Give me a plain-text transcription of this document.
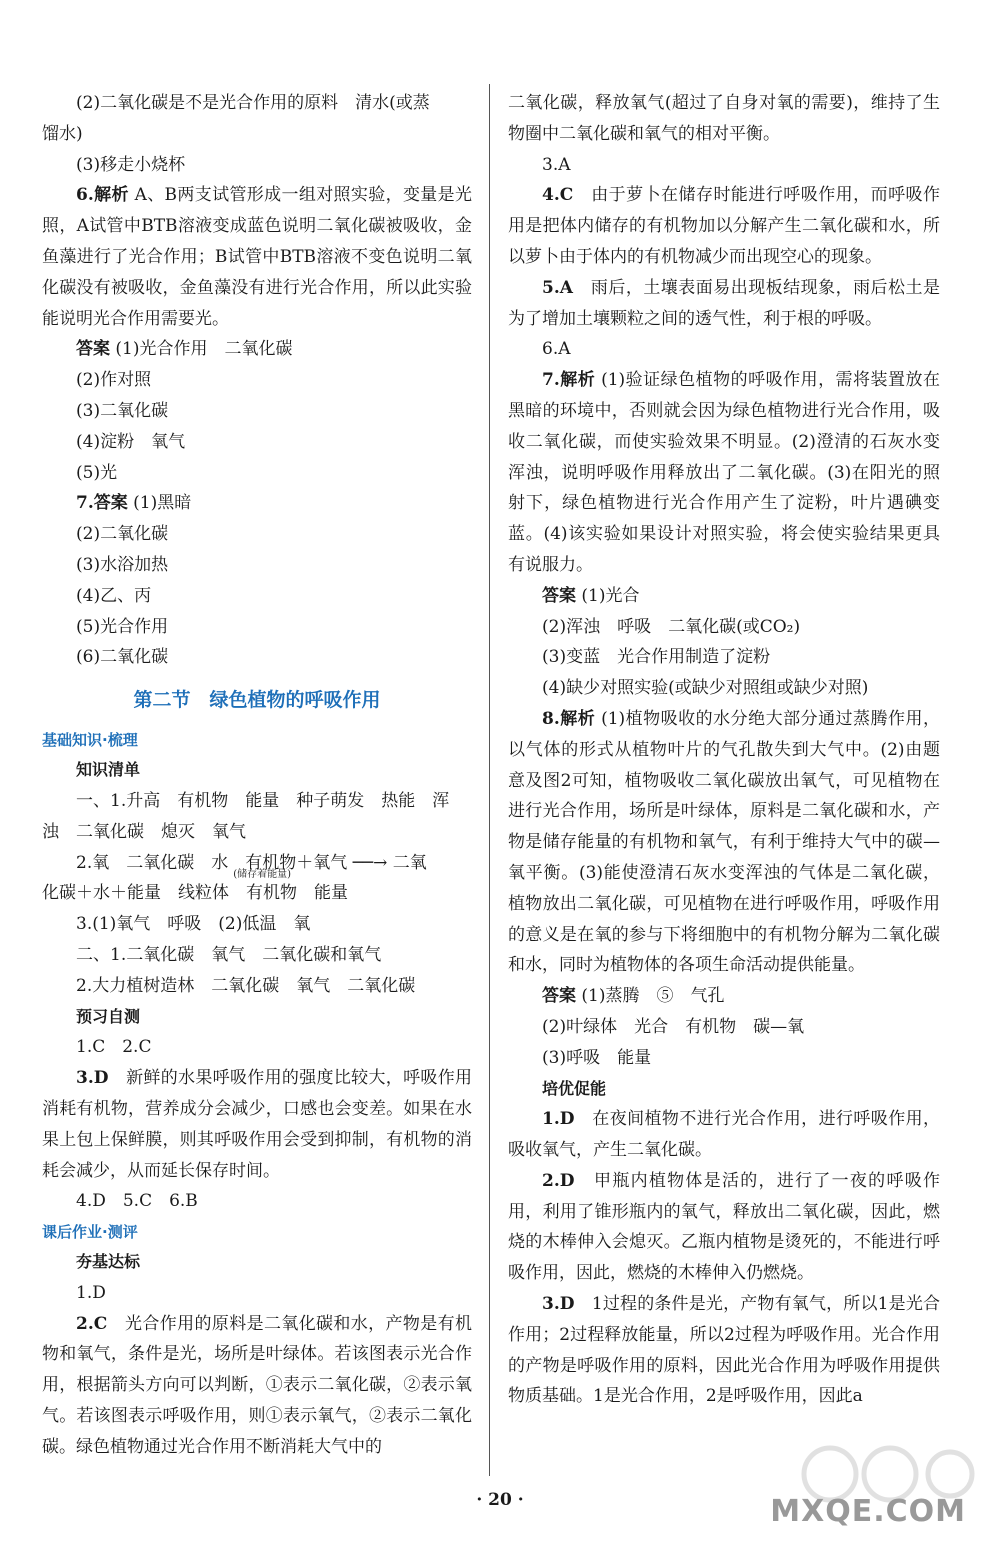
(2)二氧化碳是不是光合作用的原料　清水(或蒸
馏水)
(3)移走小烧杯

6.解析 A、B两支试管形成一组对照实验，变量是光照，A试管中BTB溶液变成蓝色说明二氧化碳被吸收，金鱼藻进行了光合作用；B试管中BTB溶液不变色说明二氧化碳没有被吸收，金鱼藻没有进行光合作用，所以此实验能说明光合作用需要光。

答案 (1)光合作用　二氧化碳
(2)作对照
(3)二氧化碳
(4)淀粉　氧气
(5)光
7.答案 (1)黑暗
(2)二氧化碳
(3)水浴加热
(4)乙、丙
(5)光合作用
(6)二氧化碳
第二节　绿色植物的呼吸作用
基础知识·梳理
知识清单
一、1.升高　有机物　能量　种子萌发　热能　浑
浊　二氧化碳　熄灭　氧气
2.氧　二氧化碳　水　有机物
(储存着能量)
＋氧气 ──→ 二氧
化碳＋水＋能量　线粒体　有机物　能量
3.(1)氧气　呼吸　(2)低温　氧
二、1.二氧化碳　氧气　二氧化碳和氧气
2.大力植树造林　二氧化碳　氧气　二氧化碳
预习自测
1.C　2.C

3.D　新鲜的水果呼吸作用的强度比较大，呼吸作用消耗有机物，营养成分会减少，口感也会变差。如果在水果上包上保鲜膜，则其呼吸作用会受到抑制，有机物的消耗会减少，从而延长保存时间。

4.D　5.C　6.B
课后作业·测评
夯基达标
1.D

2.C　光合作用的原料是二氧化碳和水，产物是有机物和氧气，条件是光，场所是叶绿体。若该图表示光合作用，根据箭头方向可以判断，①表示二氧化碳，②表示氧气。若该图表示呼吸作用，则①表示氧气，②表示二氧化碳。绿色植物通过光合作用不断消耗大气中的

二氧化碳，释放氧气(超过了自身对氧的需要)，维持了生物圈中二氧化碳和氧气的相对平衡。

3.A

4.C　由于萝卜在储存时能进行呼吸作用，而呼吸作用是把体内储存的有机物加以分解产生二氧化碳和水，所以萝卜由于体内的有机物减少而出现空心的现象。

5.A　雨后，土壤表面易出现板结现象，雨后松土是为了增加土壤颗粒之间的透气性，利于根的呼吸。

6.A

7.解析 (1)验证绿色植物的呼吸作用，需将装置放在黑暗的环境中，否则就会因为绿色植物进行光合作用，吸收二氧化碳，而使实验效果不明显。(2)澄清的石灰水变浑浊，说明呼吸作用释放出了二氧化碳。(3)在阳光的照射下，绿色植物进行光合作用产生了淀粉，叶片遇碘变蓝。(4)该实验如果设计对照实验，将会使实验结果更具有说服力。

答案 (1)光合
(2)浑浊　呼吸　二氧化碳(或CO₂)
(3)变蓝　光合作用制造了淀粉
(4)缺少对照实验(或缺少对照组或缺少对照)

8.解析 (1)植物吸收的水分绝大部分通过蒸腾作用，以气体的形式从植物叶片的气孔散失到大气中。(2)由题意及图2可知，植物吸收二氧化碳放出氧气，可见植物在进行光合作用，场所是叶绿体，原料是二氧化碳和水，产物是储存能量的有机物和氧气，有利于维持大气中的碳—氧平衡。(3)能使澄清石灰水变浑浊的气体是二氧化碳，植物放出二氧化碳，可见植物在进行呼吸作用，呼吸作用的意义是在氧的参与下将细胞中的有机物分解为二氧化碳和水，同时为植物体的各项生命活动提供能量。

答案 (1)蒸腾　⑤　气孔
(2)叶绿体　光合　有机物　碳—氧
(3)呼吸　能量
培优促能

1.D　在夜间植物不进行光合作用，进行呼吸作用，吸收氧气，产生二氧化碳。

2.D　甲瓶内植物体是活的，进行了一夜的呼吸作用，利用了锥形瓶内的氧气，释放出二氧化碳，因此，燃烧的木棒伸入会熄灭。乙瓶内植物是烫死的，不能进行呼吸作用，因此，燃烧的木棒伸入仍燃烧。

3.D　1过程的条件是光，产物有氧气，所以1是光合作用；2过程释放能量，所以2过程为呼吸作用。光合作用的产物是呼吸作用的原料，因此光合作用为呼吸作用提供物质基础。1是光合作用，2是呼吸作用，因此a

· 20 ·	MXQE.COM
